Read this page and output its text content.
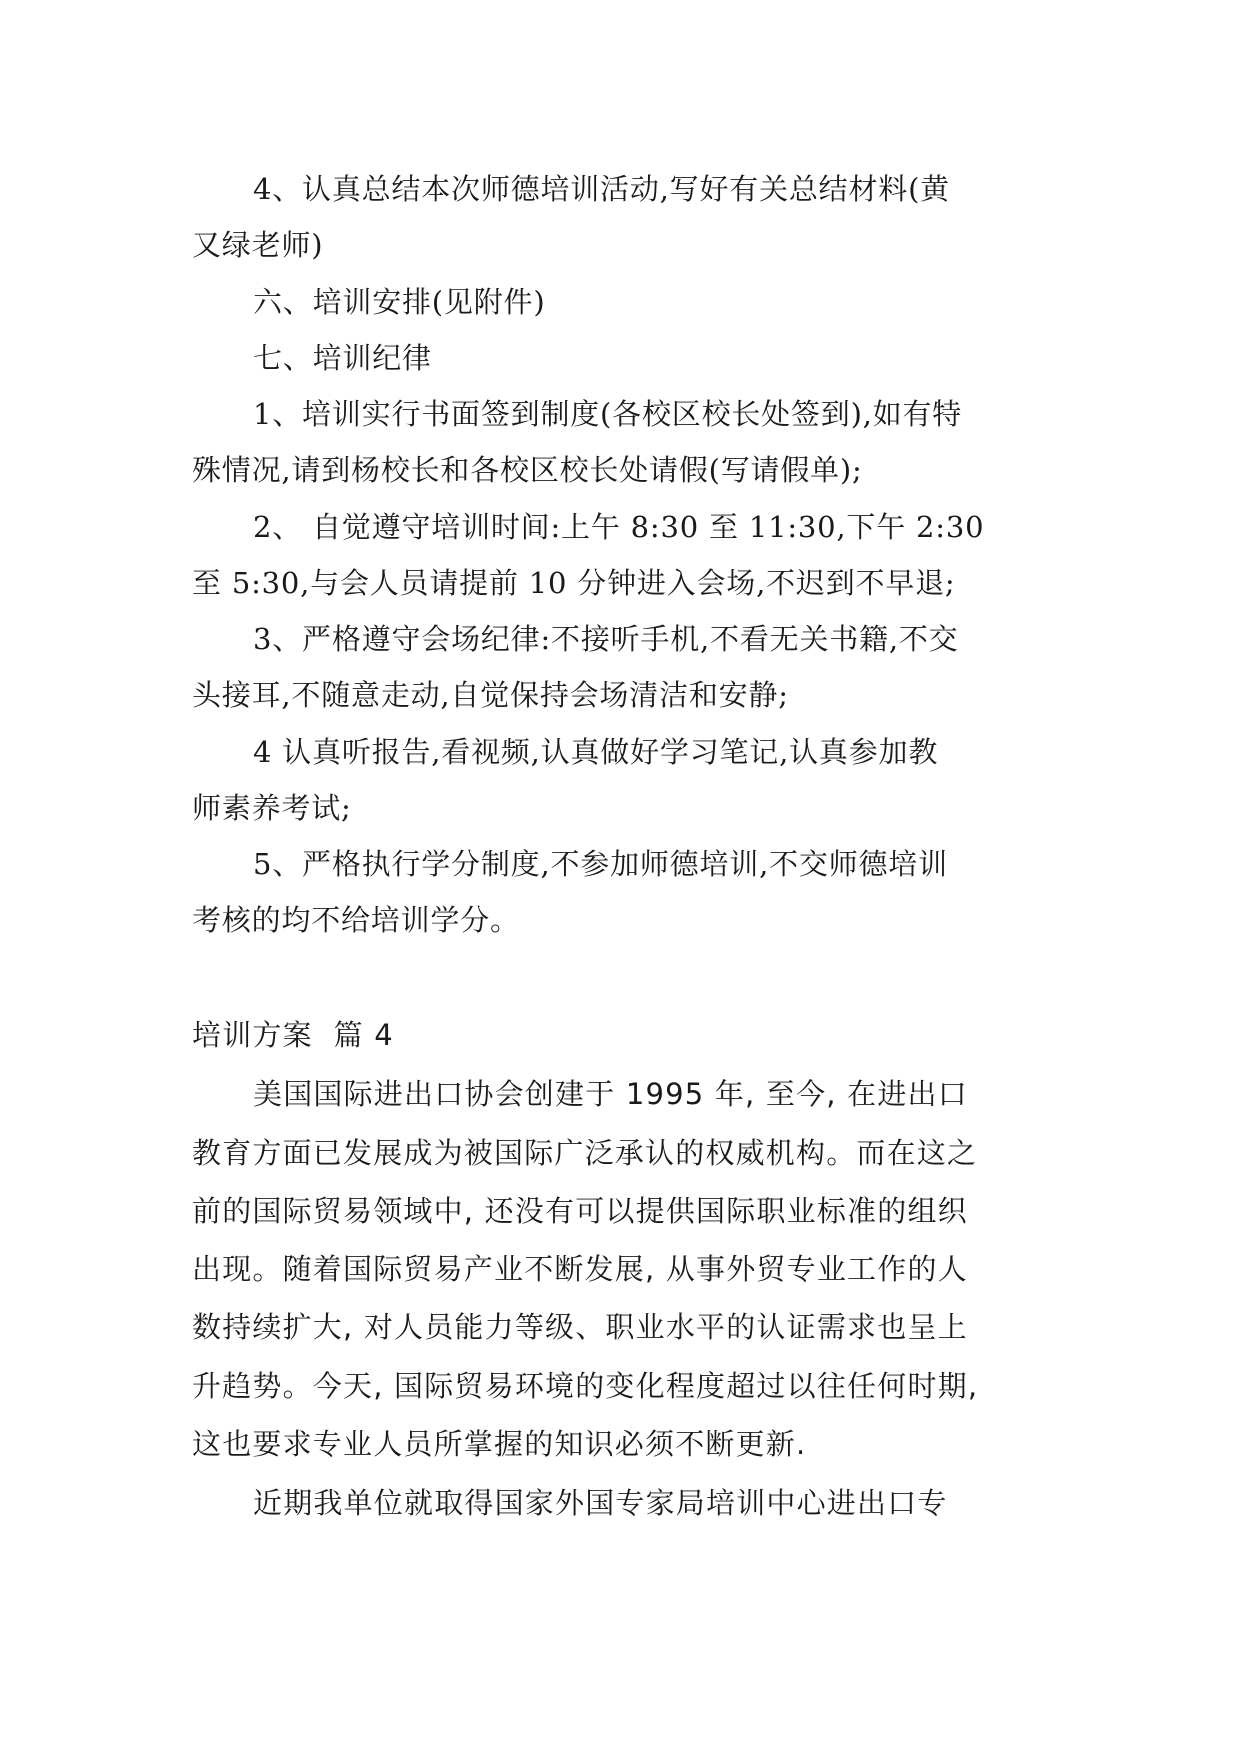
4、认真总结本次师德培训活动,写好有关总结材料(黄

又绿老师)

六、培训安排(见附件)

七、培训纪律

1、培训实行书面签到制度(各校区校长处签到),如有特

殊情况,请到杨校长和各校区校长处请假(写请假单);

2、 自觉遵守培训时间:上午 8:30 至 11:30,下午 2:30

至 5:30,与会人员请提前 10 分钟进入会场,不迟到不早退;

3、严格遵守会场纪律:不接听手机,不看无关书籍,不交

头接耳,不随意走动,自觉保持会场清洁和安静;

4 认真听报告,看视频,认真做好学习笔记,认真参加教

师素养考试;

5、严格执行学分制度,不参加师德培训,不交师德培训

考核的均不给培训学分。

培训方案  篇 4

美国国际进出口协会创建于 1995 年, 至今, 在进出口

教育方面已发展成为被国际广泛承认的权威机构。而在这之

前的国际贸易领域中, 还没有可以提供国际职业标准的组织

出现。随着国际贸易产业不断发展, 从事外贸专业工作的人

数持续扩大, 对人员能力等级、职业水平的认证需求也呈上

升趋势。今天, 国际贸易环境的变化程度超过以往任何时期,

这也要求专业人员所掌握的知识必须不断更新.

近期我单位就取得国家外国专家局培训中心进出口专
